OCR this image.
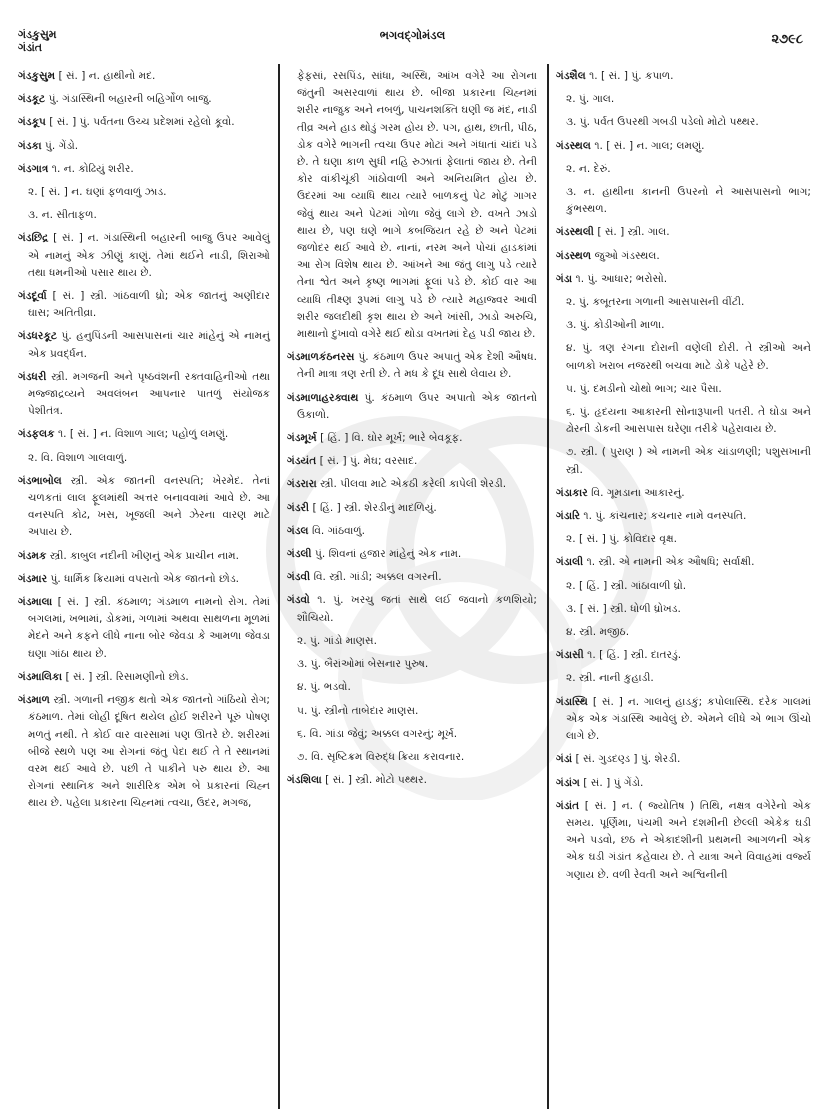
ગંડકુસુમ
ગંડાંત
ભગવદ્ગોમંડલ	૨૭૯૮
ગંડકુસુમ [ સં. ] ન. હાથીનો મદ.
ગંડકૂટ પું. ગંડાસ્થિની બહારની બહિર્ગોળ બાજુ.
ગંડકૂપ [ સં. ] પું. પર્વતના ઉચ્ચ પ્રદેશમાં રહેલો કૂવો.
ગંડકા પું. ગેંડો.
ગંડગાત્ર ૧. ન. કોઢિયું શરીર.
૨. [ સં. ] ન. ઘણાં ફળવાળું ઝાડ.
૩. ન. સીતાફળ.
ગંડછિદ્ર [ સં. ] ન. ગંડાસ્થિની બહારની બાજુ ઉપર આવેલું એ નામનું એક ઝીણું કાણું. તેમાં થઈને નાડી, શિરાઓ તથા ધમનીઓ પસાર થાય છે.
ગંડદૂર્વા [ સં. ] સ્ત્રી. ગાંઠવાળી ધ્રો; એક જાતનું અણીદાર ઘાસ; અતિતીવ્રા.
ગંડધરકૂટ પું. હનુપિંડની આસપાસનાં ચાર માંહેનું એ નામનું એક પ્રવર્દ્ધન.
ગંડધરી સ્ત્રી. મગજની અને પૃષ્ઠવંશની રક્તવાહિનીઓ તથા મજ્જાદ્રવ્યને અવલંબન આપનાર પાતળું સંયોજક પેશીતંત્ર.
ગંડફલક ૧. [ સં. ] ન. વિશાળ ગાલ; પહોળું લમણું.
૨. વિ. વિશાળ ગાલવાળું.
ગંડભાબોલ સ્ત્રી. એક જાતની વનસ્પતિ; ખેરમેદ. તેનાં ચળકતાં લાલ ફૂલમાંથી અત્તર બનાવવામાં આવે છે. આ વનસ્પતિ કોઢ, ખસ, ખૂજલી અને ઝેરના વારણ માટે અપાય છે.
ગંડમક સ્ત્રી. કાબુલ નદીની ખીણનું એક પ્રાચીન નામ.
ગંડમાર પું. ધાર્મિક ક્રિયામાં વપરાતો એક જાતનો છોડ.
ગંડમાલા [ સં. ] સ્ત્રી. કંઠમાળ; ગંડમાળ નામનો રોગ. તેમાં બગલમાં, ખભામાં, ડોકમાં, ગળામાં અથવા સાથળના મૂળમાં મેદને અને કફને લીધે નાના બોર જેવડા કે આમળા જેવડા ઘણા ગાંઠા થાય છે.
ગંડમાલિકા [ સં. ] સ્ત્રી. રિસામણીનો છોડ.
ગંડમાળ સ્ત્રી. ગળાની નજીક થતો એક જાતનો ગાંઠિયો રોગ; કંઠમાળ. તેમાં લોહી દૂષિત થયેલ હોઈ શરીરને પૂરું પોષણ મળતું નથી. તે કોઈ વાર વારસામાં પણ ઊતરે છે. શરીરમાં બીજે સ્થળે પણ આ રોગનાં જંતુ પેદા થઈ તે તે સ્થાનમાં વરમ થઈ આવે છે. પછી તે પાકીને પરુ થાય છે. આ રોગનાં સ્થાનિક અને શારીરિક એમ બે પ્રકારનાં ચિહ્ન થાય છે. પહેલા પ્રકારના ચિહ્નમાં ત્વચા, ઉદર, મગજ,
ફેફસાં, રસપિંડ, સાંધા, અસ્થિ, આંખ વગેરે આ રોગના જંતુની અસરવાળાં થાય છે. બીજા પ્રકારના ચિહ્નમાં શરીર નાજુક અને નબળું, પાચનશક્તિ ઘણી જ મંદ, નાડી તીવ્ર અને હાડ થોડું ગરમ હોય છે. પગ, હાથ, છાતી, પીઠ, ડોક વગેરે ભાગની ત્વચા ઉપર મોટાં અને ગંધાતાં ચાંદાં પડે છે. તે ઘણા કાળ સુધી નહિ રુઝાતાં ફેલાતાં જાય છે. તેની કોર વાંકીચૂંકી ગાંઠોવાળી અને અનિયમિત હોય છે. ઉદરમાં આ વ્યાધિ થાય ત્યારે બાળકનું પેટ મોટું ગાગર જેવું થાય અને પેટમાં ગોળા જેવું લાગે છે. વખતે ઝાડો થાય છે, પણ ઘણે ભાગે કબજિયત રહે છે અને પેટમાં જળોદર થઈ આવે છે. નાનાં, નરમ અને પોચાં હાડકાંમાં આ રોગ વિશેષ થાય છે. આંખને આ જંતુ લાગુ પડે ત્યારે તેના શ્વેત અને કૃષ્ણ ભાગમાં ફૂલાં પડે છે. કોઈ વાર આ વ્યાધિ તીક્ષ્ણ રૂપમાં લાગુ પડે છે ત્યારે મહાજ્વર આવી શરીર જલદીથી કૃશ થાય છે અને ખાંસી, ઝાડો અરુચિ, માથાનો દુખાવો વગેરે થઈ થોડા વખતમાં દેહ પડી જાય છે.
ગંડમાળકંઠનરસ પું. કંઠમાળ ઉપર અપાતું એક દેશી ઔષધ. તેની માત્રા ત્રણ રતી છે. તે મધ કે દૂધ સાથે લેવાય છે.
ગંડમાળાહરક્વાથ પું. કંઠમાળ ઉપર અપાતો એક જાતનો ઉકાળો.
ગંડમૂર્ખ [ હિં. ] વિ. ઘોર મૂર્ખ; ભારે બેવકૂફ.
ગંડયંત [ સં. ] પું. મેઘ; વરસાદ.
ગંડરારા સ્ત્રી. પીલવા માટે એકઠી કરેલી કાપેલી શેરડી.
ગંડરી [ હિં. ] સ્ત્રી. શેરડીનું માદળિયું.
ગંડલ વિ. ગાંઠવાળું.
ગંડલી પું. શિવનાં હજાર માંહેનું એક નામ.
ગંડવી વિ. સ્ત્રી. ગાંડી; અક્કલ વગરની.
ગંડવો ૧. પું. ખરચુ જતાં સાથે લઈ જવાનો કળશિયો; શૌચિયો.
૨. પું. ગાંડો માણસ.
૩. પું. બૈરાંઓમાં બેસનાર પુરુષ.
૪. પું. ભડવો.
૫. પું. સ્ત્રીનો તાબેદાર માણસ.
૬. વિ. ગાંડા જેવું; અક્કલ વગરનું; મૂર્ખ.
૭. વિ. સૃષ્ટિક્રમ વિરુદ્ધ ક્રિયા કરાવનાર.
ગંડશિલા [ સં. ] સ્ત્રી. મોટો પથ્થર.
ગંડશૈલ ૧. [ સં. ] પું. કપાળ.
૨. પું. ગાલ.
૩. પું. પર્વત ઉપરથી ગબડી પડેલો મોટો પથ્થર.
ગંડસ્થલ ૧. [ સં. ] ન. ગાલ; લમણું.
૨. ન. દેરું.
૩. ન. હાથીના કાનની ઉપરનો ને આસપાસનો ભાગ; કુંભસ્થળ.
ગંડસ્થલી [ સં. ] સ્ત્રી. ગાલ.
ગંડસ્થળ જુઓ ગંડસ્થલ.
ગંડા ૧. પું. આધાર; ભરોસો.
૨. પું. કબૂતરના ગળાની આસપાસની વીંટી.
૩. પું. કોડીઓની માળા.
૪. પું. ત્રણ રંગના દોરાની વણેલી દોરી. તે સ્ત્રીઓ અને બાળકો ખરાબ નજરથી બચવા માટે ડોકે પહેરે છે.
૫. પું. દમડીનો ચોથો ભાગ; ચાર પૈસા.
૬. પું. હૃદયના આકારની સોનારૂપાની પતરી. તે ઘોડા અને ઢોરની ડોકની આસપાસ ઘરેણા તરીકે પહેરાવાય છે.
૭. સ્ત્રી. ( પુરાણ ) એ નામની એક ચાંડાળણી; પશુસખાની સ્ત્રી.
ગંડાકાર વિ. ગૂમડાના આકારનું.
ગંડારિ ૧. પું. કાંચનાર; કચનાર નામે વનસ્પતિ.
૨. [ સં. ] પું. કોવિદાર વૃક્ષ.
ગંડાલી ૧. સ્ત્રી. એ નામની એક ઔષધિ; સર્વાક્ષી.
૨. [ હિં. ] સ્ત્રી. ગાંઠાવાળી ધ્રો.
૩. [ સં. ] સ્ત્રી. ધોળી ધ્રોખડ.
૪. સ્ત્રી. મજીઠ.
ગંડાસી ૧. [ હિં. ] સ્ત્રી. દાતરડું.
૨. સ્ત્રી. નાની કુહાડી.
ગંડાસ્થિ [ સં. ] ન. ગાલનું હાડકું; કપોલાસ્થિ. દરેક ગાલમાં એક એક ગંડાસ્થિ આવેલું છે. એમને લીધે એ ભાગ ઊંચો લાગે છે.
ગંડાં [ સં. ગુડદણ્ડ ] પું. શેરડી.
ગંડાંગ [ સં. ] પું ગેંડો.
ગંડાંત [ સં. ] ન. ( જ્યોતિષ ) તિથિ, નક્ષત્ર વગેરેનો એક સમય. પૂર્ણિમા, પંચમી અને દશમીની છેલ્લી એકેક ઘડી અને પડવો, છઠ ને એકાદશીની પ્રથમની આગળની એક એક ઘડી ગંડાંત કહેવાય છે. તે યાત્રા અને વિવાહમાં વર્જ્ય ગણાય છે. વળી રેવતી અને અશ્વિનીની
